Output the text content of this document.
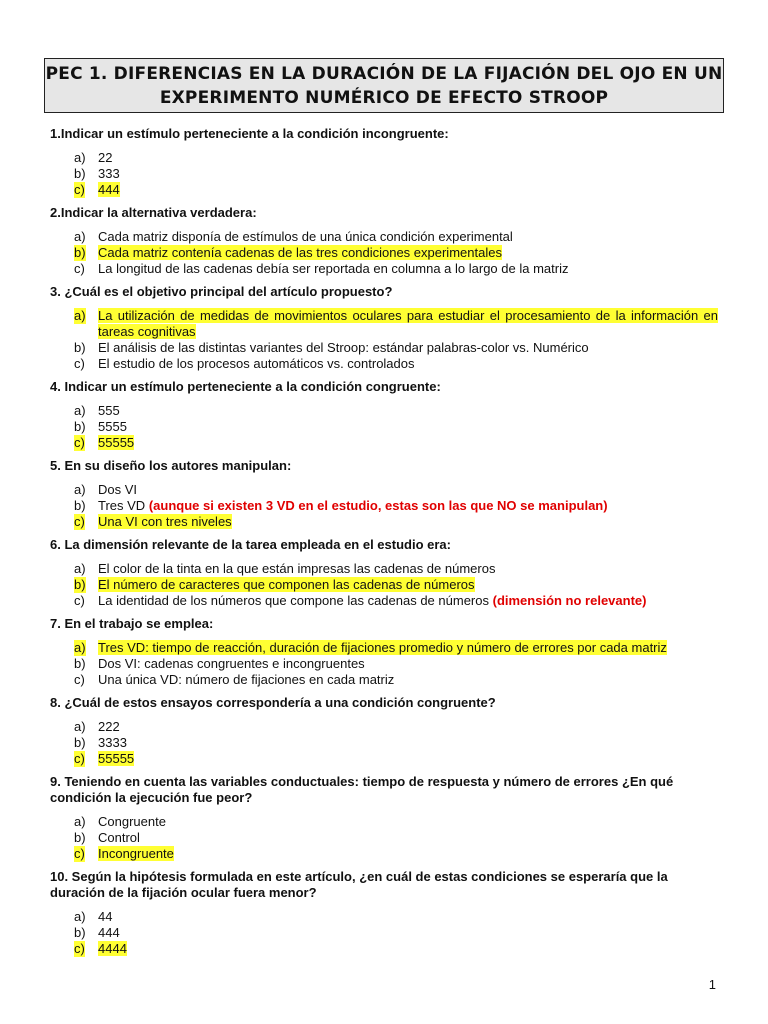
PEC 1. DIFERENCIAS EN LA DURACIÓN DE LA FIJACIÓN DEL OJO EN UN
EXPERIMENTO NUMÉRICO DE EFECTO STROOP
1.Indicar un estímulo perteneciente a la condición incongruente:
a) 22
b) 333
c) 444
2.Indicar la alternativa verdadera:
a) Cada matriz disponía de estímulos de una única condición experimental
b) Cada matriz contenía cadenas de las tres condiciones experimentales
c) La longitud de las cadenas debía ser reportada en columna a lo largo de la matriz
3. ¿Cuál es el objetivo principal del artículo propuesto?
a) La utilización de medidas de movimientos oculares para estudiar el procesamiento de la información en tareas cognitivas
b) El análisis de las distintas variantes del Stroop: estándar palabras-color vs. Numérico
c) El estudio de los procesos automáticos vs. controlados
4. Indicar un estímulo perteneciente a la condición congruente:
a) 555
b) 5555
c) 55555
5. En su diseño los autores manipulan:
a) Dos VI
b) Tres VD (aunque si existen 3 VD en el estudio, estas son las que NO se manipulan)
c) Una VI con tres niveles
6. La dimensión relevante de la tarea empleada en el estudio era:
a) El color de la tinta en la que están impresas las cadenas de números
b) El número de caracteres que componen las cadenas de números
c) La identidad de los números que compone las cadenas de números (dimensión no relevante)
7. En el trabajo se emplea:
a) Tres VD: tiempo de reacción, duración de fijaciones promedio y número de errores por cada matriz
b) Dos VI: cadenas congruentes e incongruentes
c) Una única VD: número de fijaciones en cada matriz
8. ¿Cuál de estos ensayos correspondería a una condición congruente?
a) 222
b) 3333
c) 55555
9. Teniendo en cuenta las variables conductuales: tiempo de respuesta y número de errores ¿En qué condición la ejecución fue peor?
a) Congruente
b) Control
c) Incongruente
10. Según la hipótesis formulada en este artículo, ¿en cuál de estas condiciones se esperaría que la duración de la fijación ocular fuera menor?
a) 44
b) 444
c) 4444
1
